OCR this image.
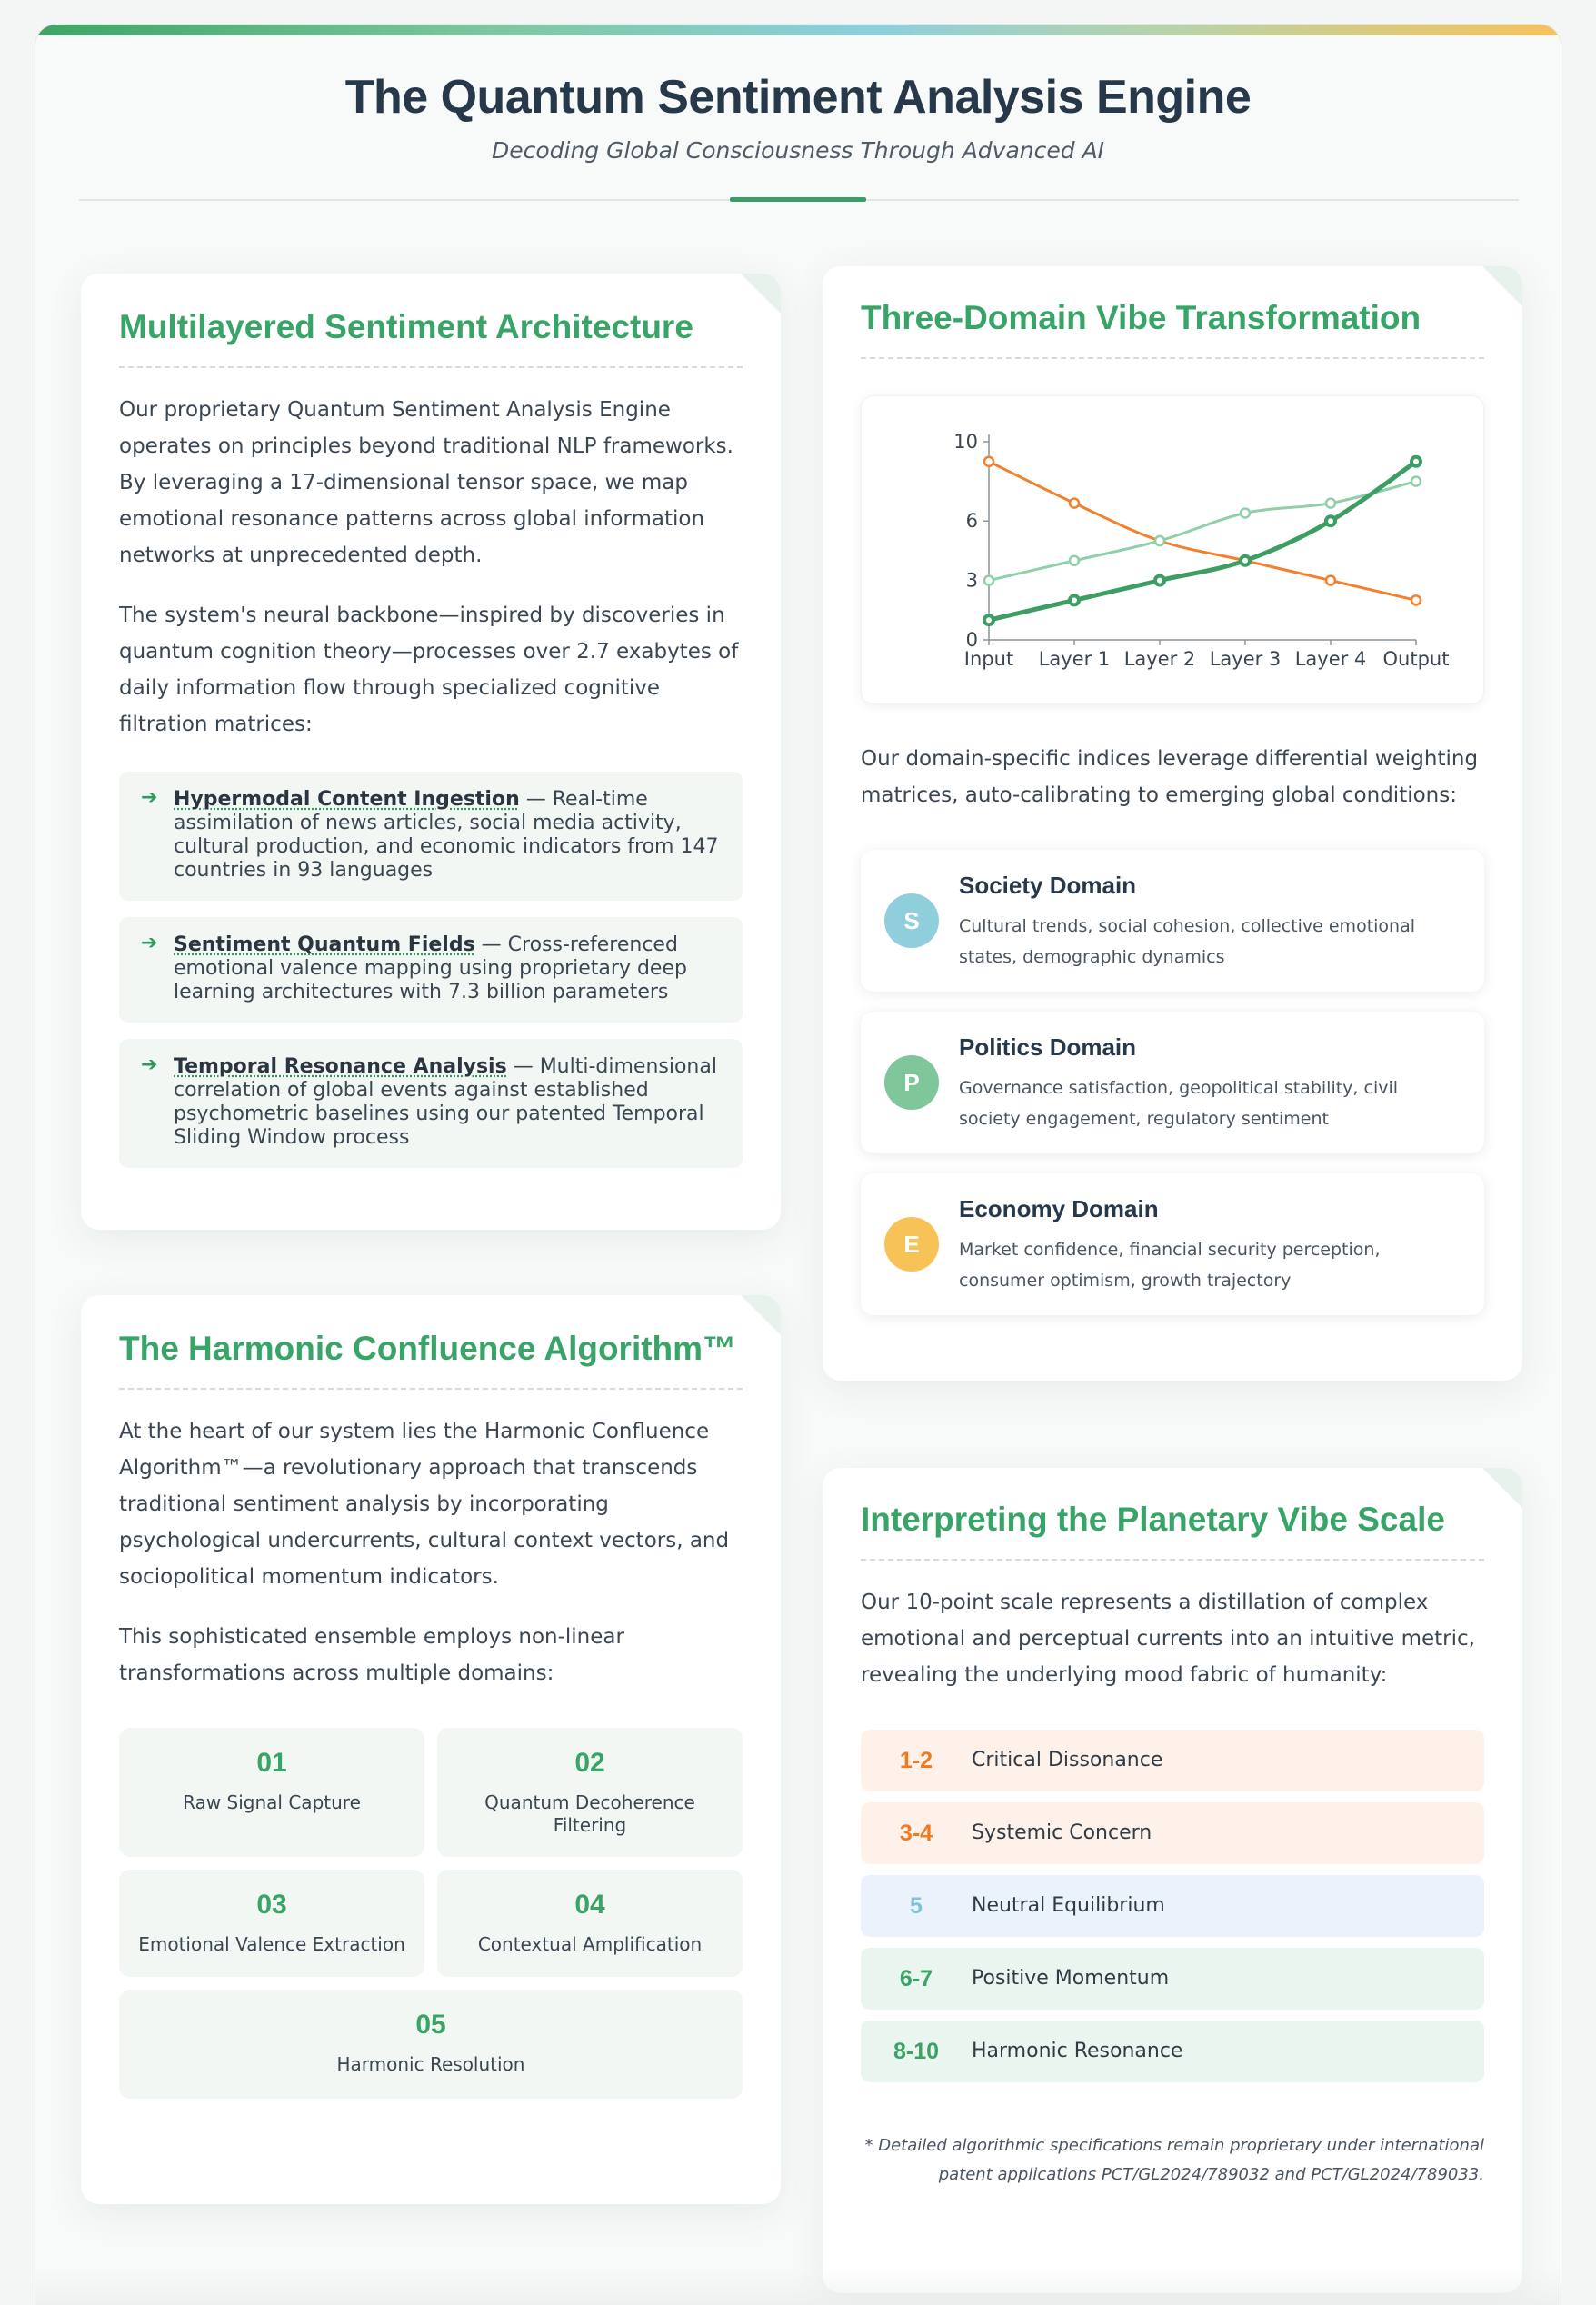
The Quantum Sentiment Analysis Engine
Decoding Global Consciousness Through Advanced AI
Multilayered Sentiment Architecture

Our proprietary Quantum Sentiment Analysis Engine operates on principles beyond traditional NLP frameworks. By leveraging a 17-dimensional tensor space, we map emotional resonance patterns across global information networks at unprecedented depth.

The system's neural backbone—inspired by discoveries in quantum cognition theory—processes over 2.7 exabytes of daily information flow through specialized cognitive filtration matrices:

➔ Hypermodal Content Ingestion — Real-time assimilation of news articles, social media activity, cultural production, and economic indicators from 147 countries in 93 languages
➔ Sentiment Quantum Fields — Cross-referenced emotional valence mapping using proprietary deep learning architectures with 7.3 billion parameters
➔ Temporal Resonance Analysis — Multi-dimensional correlation of global events against established psychometric baselines using our patented Temporal Sliding Window process
The Harmonic Confluence Algorithm™

At the heart of our system lies the Harmonic Confluence Algorithm™—a revolutionary approach that transcends traditional sentiment analysis by incorporating psychological undercurrents, cultural context vectors, and sociopolitical momentum indicators.

This sophisticated ensemble employs non-linear transformations across multiple domains:

01
Raw Signal Capture
02
Quantum Decoherence Filtering
03
Emotional Valence Extraction
04
Contextual Amplification
05
Harmonic Resolution
Three-Domain Vibe Transformation
0
3
6
10
Input Layer 1 Layer 2 Layer 3 Layer 4 Output

Our domain-specific indices leverage differential weighting matrices, auto-calibrating to emerging global conditions:

S
Society Domain
Cultural trends, social cohesion, collective emotional states, demographic dynamics
P
Politics Domain
Governance satisfaction, geopolitical stability, civil society engagement, regulatory sentiment
E
Economy Domain
Market confidence, financial security perception, consumer optimism, growth trajectory
Interpreting the Planetary Vibe Scale

Our 10-point scale represents a distillation of complex emotional and perceptual currents into an intuitive metric, revealing the underlying mood fabric of humanity:

1-2	Critical Dissonance
3-4	Systemic Concern
5	Neutral Equilibrium
6-7	Positive Momentum
8-10	Harmonic Resonance
* Detailed algorithmic specifications remain proprietary under international patent applications PCT/GL2024/789032 and PCT/GL2024/789033.
